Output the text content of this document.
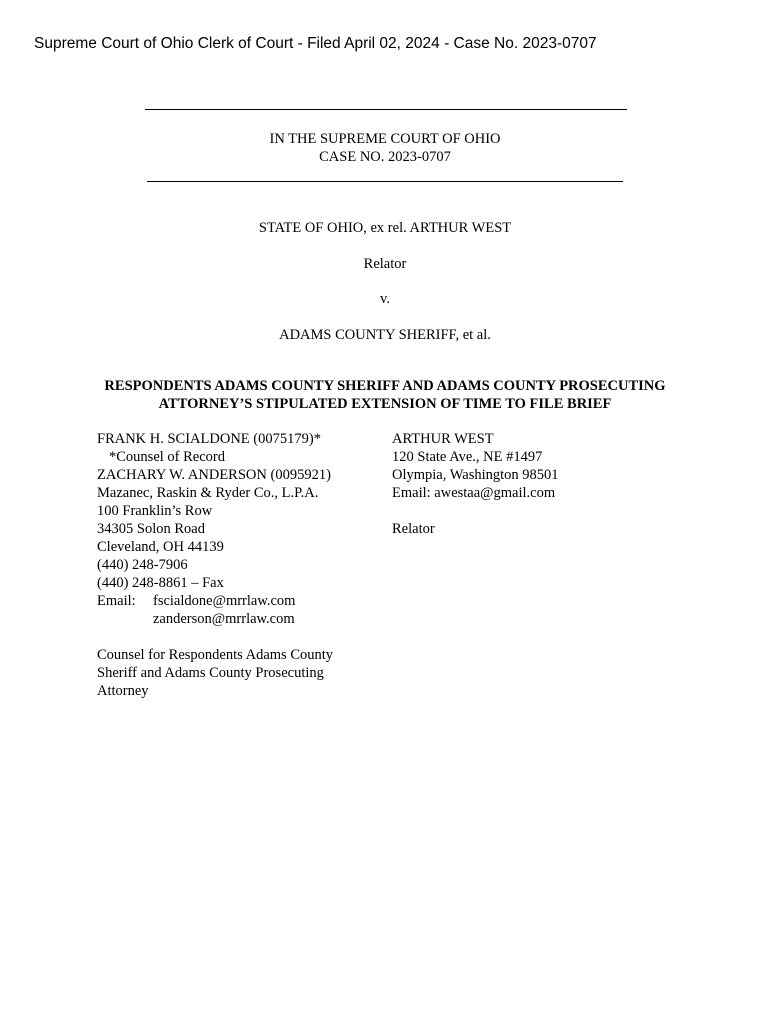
Supreme Court of Ohio Clerk of Court - Filed April 02, 2024 - Case No. 2023-0707
IN THE SUPREME COURT OF OHIO
CASE NO. 2023-0707
STATE OF OHIO, ex rel. ARTHUR WEST
Relator
v.
ADAMS COUNTY SHERIFF, et al.
RESPONDENTS ADAMS COUNTY SHERIFF AND ADAMS COUNTY PROSECUTING
ATTORNEY’S STIPULATED EXTENSION OF TIME TO FILE BRIEF
FRANK H. SCIALDONE (0075179)*
*Counsel of Record
ZACHARY W. ANDERSON (0095921)
Mazanec, Raskin & Ryder Co., L.P.A.
100 Franklin’s Row
34305 Solon Road
Cleveland, OH 44139
(440) 248-7906
(440) 248-8861 – Fax
Email: fscialdone@mrrlaw.com
zanderson@mrrlaw.com
Counsel for Respondents Adams County
Sheriff and Adams County Prosecuting
Attorney
ARTHUR WEST
120 State Ave., NE #1497
Olympia, Washington 98501
Email: awestaa@gmail.com
Relator
